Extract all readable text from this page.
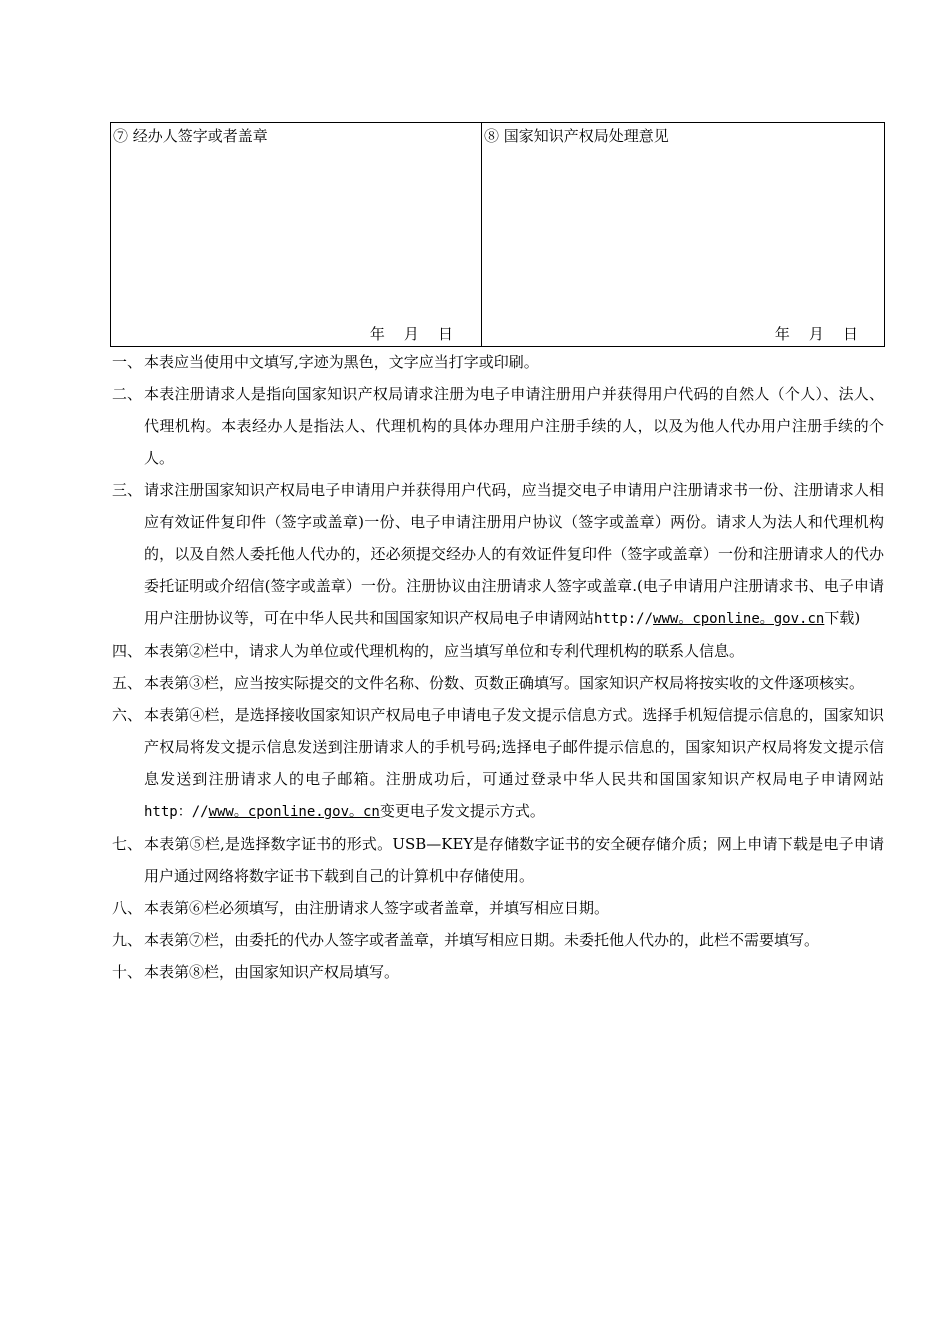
⑦ 经办人签字或者盖章
年    月    日
⑧ 国家知识产权局处理意见
年    月    日
一、 本表应当使用中文填写,字迹为黑色，文字应当打字或印刷。
二、 本表注册请求人是指向国家知识产权局请求注册为电子申请注册用户并获得用户代码的自然人（个人）、法人、代理机构。本表经办人是指法人、代理机构的具体办理用户注册手续的人，以及为他人代办用户注册手续的个人。
三、 请求注册国家知识产权局电子申请用户并获得用户代码，应当提交电子申请用户注册请求书一份、注册请求人相应有效证件复印件（签字或盖章)一份、电子申请注册用户协议（签字或盖章）两份。请求人为法人和代理机构的，以及自然人委托他人代办的，还必须提交经办人的有效证件复印件（签字或盖章）一份和注册请求人的代办委托证明或介绍信(签字或盖章）一份。注册协议由注册请求人签字或盖章.(电子申请用户注册请求书、电子申请用户注册协议等，可在中华人民共和国国家知识产权局电子申请网站http://www。cponline。gov.cn下载)
四、 本表第②栏中，请求人为单位或代理机构的，应当填写单位和专利代理机构的联系人信息。
五、 本表第③栏，应当按实际提交的文件名称、份数、页数正确填写。国家知识产权局将按实收的文件逐项核实。
六、 本表第④栏，是选择接收国家知识产权局电子申请电子发文提示信息方式。选择手机短信提示信息的，国家知识产权局将发文提示信息发送到注册请求人的手机号码;选择电子邮件提示信息的，国家知识产权局将发文提示信息发送到注册请求人的电子邮箱。注册成功后，可通过登录中华人民共和国国家知识产权局电子申请网站http：//www。cponline.gov。cn变更电子发文提示方式。
七、 本表第⑤栏,是选择数字证书的形式。USB—KEY是存储数字证书的安全硬存储介质；网上申请下载是电子申请用户通过网络将数字证书下载到自己的计算机中存储使用。
八、 本表第⑥栏必须填写，由注册请求人签字或者盖章，并填写相应日期。
九、 本表第⑦栏，由委托的代办人签字或者盖章，并填写相应日期。未委托他人代办的，此栏不需要填写。
十、 本表第⑧栏，由国家知识产权局填写。
